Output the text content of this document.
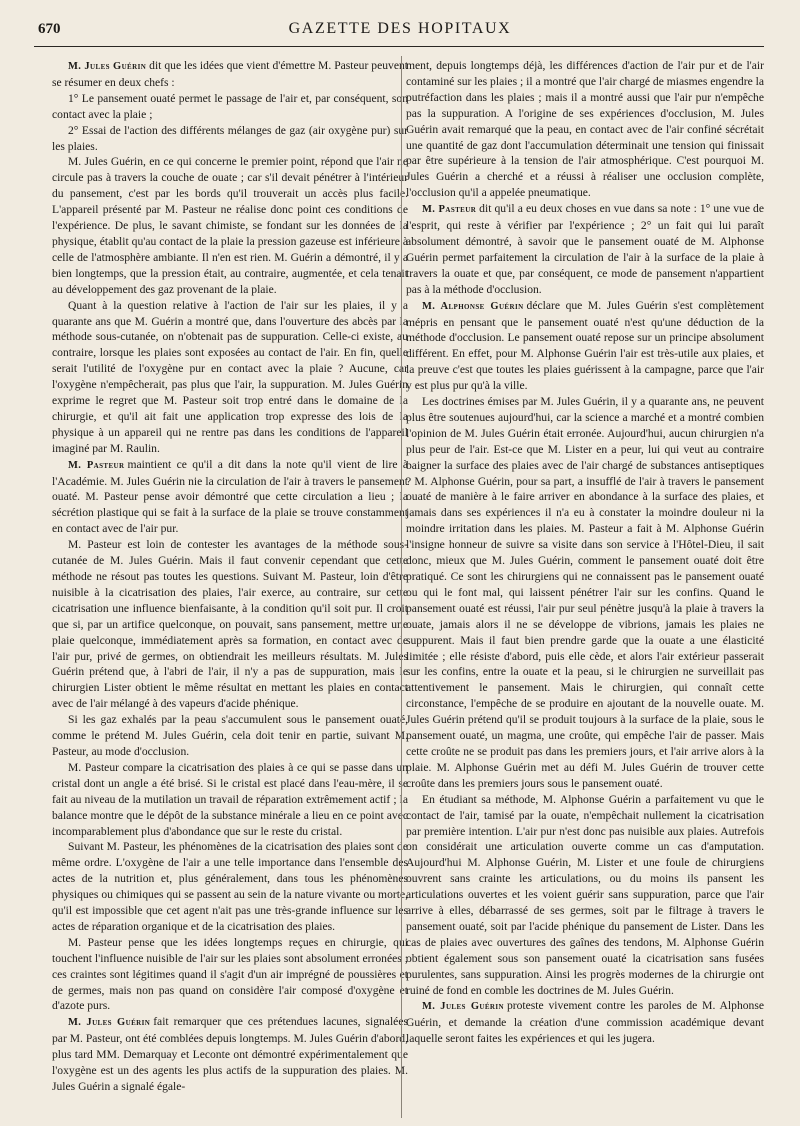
670	GAZETTE DES HOPITAUX

M. Jules Guérin dit que les idées que vient d'émettre M. Pasteur peuvent se résumer en deux chefs :

1° Le pansement ouaté permet le passage de l'air et, par conséquent, son contact avec la plaie ;

2° Essai de l'action des différents mélanges de gaz (air oxygène pur) sur les plaies.

M. Jules Guérin, en ce qui concerne le premier point, répond que l'air ne circule pas à travers la couche de ouate ; car s'il devait pénétrer à l'intérieur du pansement, c'est par les bords qu'il trouverait un accès plus facile. L'appareil présenté par M. Pasteur ne réalise donc point ces conditions de l'expérience. De plus, le savant chimiste, se fondant sur les données de la physique, établit qu'au contact de la plaie la pression gazeuse est inférieure à celle de l'atmosphère ambiante. Il n'en est rien. M. Guérin a démontré, il y a bien longtemps, que la pression était, au contraire, augmentée, et cela tenait au développement des gaz provenant de la plaie.

Quant à la question relative à l'action de l'air sur les plaies, il y a quarante ans que M. Guérin a montré que, dans l'ouverture des abcès par la méthode sous-cutanée, on n'obtenait pas de suppuration. Celle-ci existe, au contraire, lorsque les plaies sont exposées au contact de l'air. En fin, quelle serait l'utilité de l'oxygène pur en contact avec la plaie ? Aucune, car l'oxygène n'empêcherait, pas plus que l'air, la suppuration. M. Jules Guérin exprime le regret que M. Pasteur soit trop entré dans le domaine de la chirurgie, et qu'il ait fait une application trop expresse des lois de la physique à un appareil qui ne rentre pas dans les conditions de l'appareil imaginé par M. Raulin.

M. Pasteur maintient ce qu'il a dit dans la note qu'il vient de lire à l'Académie. M. Jules Guérin nie la circulation de l'air à travers le pansement ouaté. M. Pasteur pense avoir démontré que cette circulation a lieu ; la sécrétion plastique qui se fait à la surface de la plaie se trouve constamment en contact avec de l'air pur.

M. Pasteur est loin de contester les avantages de la méthode sous-cutanée de M. Jules Guérin. Mais il faut convenir cependant que cette méthode ne résout pas toutes les questions. Suivant M. Pasteur, loin d'être nuisible à la cicatrisation des plaies, l'air exerce, au contraire, sur cette cicatrisation une influence bienfaisante, à la condition qu'il soit pur. Il croit que si, par un artifice quelconque, on pouvait, sans pansement, mettre une plaie quelconque, immédiatement après sa formation, en contact avec de l'air pur, privé de germes, on obtiendrait les meilleurs résultats. M. Jules Guérin prétend que, à l'abri de l'air, il n'y a pas de suppuration, mais le chirurgien Lister obtient le même résultat en mettant les plaies en contact avec de l'air mélangé à des vapeurs d'acide phénique.

Si les gaz exhalés par la peau s'accumulent sous le pansement ouaté, comme le prétend M. Jules Guérin, cela doit tenir en partie, suivant M. Pasteur, au mode d'occlusion.

M. Pasteur compare la cicatrisation des plaies à ce qui se passe dans un cristal dont un angle a été brisé. Si le cristal est placé dans l'eau-mère, il se fait au niveau de la mutilation un travail de réparation extrêmement actif ; la balance montre que le dépôt de la substance minérale a lieu en ce point avec incomparablement plus d'abondance que sur le reste du cristal.

Suivant M. Pasteur, les phénomènes de la cicatrisation des plaies sont de même ordre. L'oxygène de l'air a une telle importance dans l'ensemble des actes de la nutrition et, plus généralement, dans tous les phénomènes physiques ou chimiques qui se passent au sein de la nature vivante ou morte, qu'il est impossible que cet agent n'ait pas une très-grande influence sur les actes de réparation organique et de la cicatrisation des plaies.

M. Pasteur pense que les idées longtemps reçues en chirurgie, qui touchent l'influence nuisible de l'air sur les plaies sont absolument erronées ; ces craintes sont légitimes quand il s'agit d'un air imprégné de poussières et de germes, mais non pas quand on considère l'air composé d'oxygène et d'azote purs.

M. Jules Guérin fait remarquer que ces prétendues lacunes, signalées par M. Pasteur, ont été comblées depuis longtemps. M. Jules Guérin d'abord, plus tard MM. Demarquay et Leconte ont démontré expérimentalement que l'oxygène est un des agents les plus actifs de la suppuration des plaies. M. Jules Guérin a signalé égale-

ment, depuis longtemps déjà, les différences d'action de l'air pur et de l'air contaminé sur les plaies ; il a montré que l'air chargé de miasmes engendre la putréfaction dans les plaies ; mais il a montré aussi que l'air pur n'empêche pas la suppuration. A l'origine de ses expériences d'occlusion, M. Jules Guérin avait remarqué que la peau, en contact avec de l'air confiné sécrétait une quantité de gaz dont l'accumulation déterminait une tension qui finissait par être supérieure à la tension de l'air atmosphérique. C'est pourquoi M. Jules Guérin a cherché et a réussi à réaliser une occlusion complète, l'occlusion qu'il a appelée pneumatique.

M. Pasteur dit qu'il a eu deux choses en vue dans sa note : 1° une vue de l'esprit, qui reste à vérifier par l'expérience ; 2° un fait qui lui paraît absolument démontré, à savoir que le pansement ouaté de M. Alphonse Guérin permet parfaitement la circulation de l'air à la surface de la plaie à travers la ouate et que, par conséquent, ce mode de pansement n'appartient pas à la méthode d'occlusion.

M. Alphonse Guérin déclare que M. Jules Guérin s'est complètement mépris en pensant que le pansement ouaté n'est qu'une déduction de la méthode d'occlusion. Le pansement ouaté repose sur un principe absolument différent. En effet, pour M. Alphonse Guérin l'air est très-utile aux plaies, et la preuve c'est que toutes les plaies guérissent à la campagne, parce que l'air y est plus pur qu'à la ville.

Les doctrines émises par M. Jules Guérin, il y a quarante ans, ne peuvent plus être soutenues aujourd'hui, car la science a marché et a montré combien l'opinion de M. Jules Guérin était erronée. Aujourd'hui, aucun chirurgien n'a plus peur de l'air. Est-ce que M. Lister en a peur, lui qui veut au contraire baigner la surface des plaies avec de l'air chargé de substances antiseptiques ? M. Alphonse Guérin, pour sa part, a insufflé de l'air à travers le pansement ouaté de manière à le faire arriver en abondance à la surface des plaies, et jamais dans ses expériences il n'a eu à constater la moindre douleur ni la moindre irritation dans les plaies. M. Pasteur a fait à M. Alphonse Guérin l'insigne honneur de suivre sa visite dans son service à l'Hôtel-Dieu, il sait donc, mieux que M. Jules Guérin, comment le pansement ouaté doit être pratiqué. Ce sont les chirurgiens qui ne connaissent pas le pansement ouaté ou qui le font mal, qui laissent pénétrer l'air sur les confins. Quand le pansement ouaté est réussi, l'air pur seul pénètre jusqu'à la plaie à travers la ouate, jamais alors il ne se développe de vibrions, jamais les plaies ne suppurent. Mais il faut bien prendre garde que la ouate a une élasticité limitée ; elle résiste d'abord, puis elle cède, et alors l'air extérieur passerait sur les confins, entre la ouate et la peau, si le chirurgien ne surveillait pas attentivement le pansement. Mais le chirurgien, qui connaît cette circonstance, l'empêche de se produire en ajoutant de la nouvelle ouate. M. Jules Guérin prétend qu'il se produit toujours à la surface de la plaie, sous le pansement ouaté, un magma, une croûte, qui empêche l'air de passer. Mais cette croûte ne se produit pas dans les premiers jours, et l'air arrive alors à la plaie. M. Alphonse Guérin met au défi M. Jules Guérin de trouver cette croûte dans les premiers jours sous le pansement ouaté.

En étudiant sa méthode, M. Alphonse Guérin a parfaitement vu que le contact de l'air, tamisé par la ouate, n'empêchait nullement la cicatrisation par première intention. L'air pur n'est donc pas nuisible aux plaies. Autrefois on considérait une articulation ouverte comme un cas d'amputation. Aujourd'hui M. Alphonse Guérin, M. Lister et une foule de chirurgiens ouvrent sans crainte les articulations, ou du moins ils pansent les articulations ouvertes et les voient guérir sans suppuration, parce que l'air arrive à elles, débarrassé de ses germes, soit par le filtrage à travers le pansement ouaté, soit par l'acide phénique du pansement de Lister. Dans les cas de plaies avec ouvertures des gaînes des tendons, M. Alphonse Guérin obtient également sous son pansement ouaté la cicatrisation sans fusées purulentes, sans suppuration. Ainsi les progrès modernes de la chirurgie ont ruiné de fond en comble les doctrines de M. Jules Guérin.

M. Jules Guérin proteste vivement contre les paroles de M. Alphonse Guérin, et demande la création d'une commission académique devant laquelle seront faites les expériences et qui les jugera.
